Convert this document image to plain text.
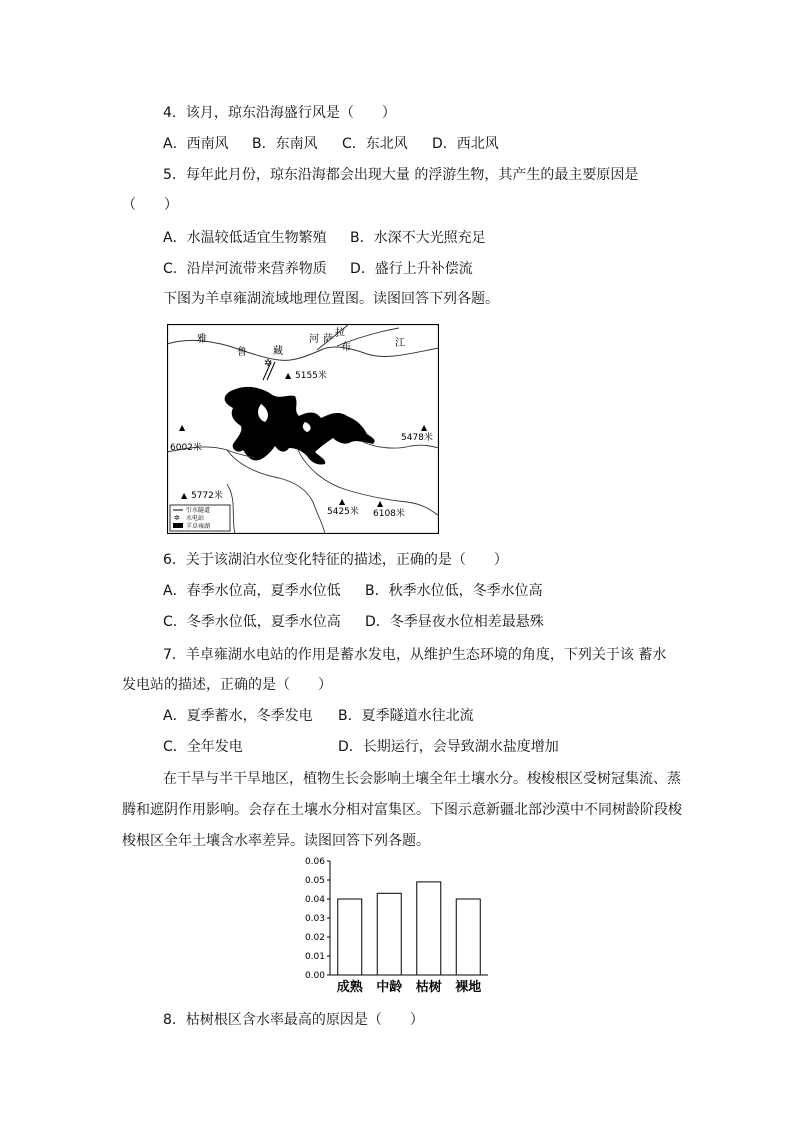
4．该月，琼东沿海盛行风是（　　）
A．西南风 B．东南风 C．东北风 D．西北风
5．每年此月份，琼东沿海都会出现大量 的浮游生物，其产生的最主要原因是
（　　）
A．水温较低适宜生物繁殖 B．水深不大光照充足
C．沿岸河流带来营养物质 D．盛行上升补偿流
下图为羊卓雍湖流域地理位置图。读图回答下列各题。
✲
雅
鲁	藏	布	江
拉
河 萨
▲ 5155米
▲
6002米
▲
5478米
▲ 5772米
▲
5425米
▲
6108米
引水隧道
✲ 水电站
羊卓雍湖
6．关于该湖泊水位变化特征的描述，正确的是（　　）
A．春季水位高，夏季水位低 B．秋季水位低，冬季水位高
C．冬季水位低，夏季水位高 D．冬季昼夜水位相差最悬殊
7．羊卓雍湖水电站的作用是蓄水发电，从维护生态环境的角度，下列关于该 蓄水
发电站的描述，正确的是（　　）
A．夏季蓄水，冬季发电 B．夏季隧道水往北流
C．全年发电	D．长期运行，会导致湖水盐度增加
在干旱与半干旱地区，植物生长会影响土壤全年土壤水分。梭梭根区受树冠集流、蒸
腾和遮阴作用影响。会存在土壤水分相对富集区。下图示意新疆北部沙漠中不同树龄阶段梭
梭根区全年土壤含水率差异。读图回答下列各题。
0.00
0.01
0.02
0.03
0.04
0.05
0.06
成熟 中龄 枯树 裸地
8．枯树根区含水率最高的原因是（　　）
